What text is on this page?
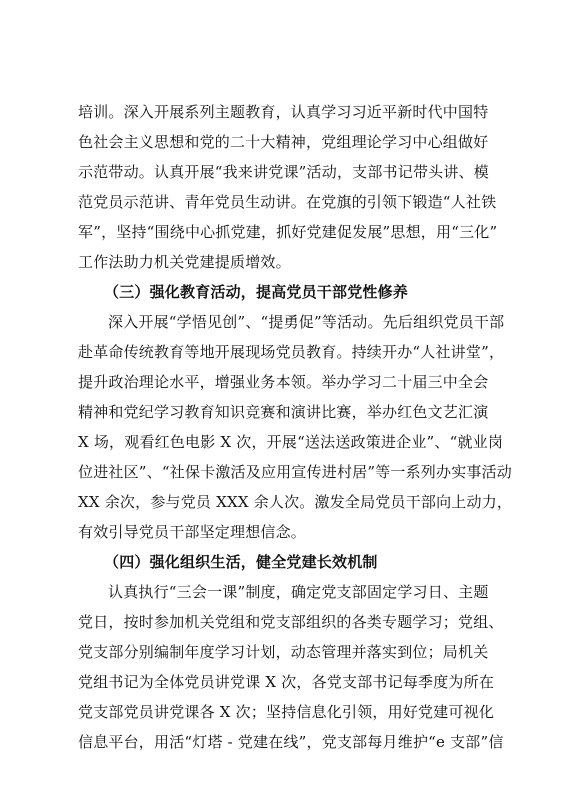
培训。深入开展系列主题教育，认真学习习近平新时代中国特
色社会主义思想和党的二十大精神，党组理论学习中心组做好
示范带动。认真开展“我来讲党课”活动，支部书记带头讲、模
范党员示范讲、青年党员生动讲。在党旗的引领下锻造“人社铁
军”，坚持“围绕中心抓党建，抓好党建促发展”思想，用“三化”
工作法助力机关党建提质增效。
（三）强化教育活动，提高党员干部党性修养
深入开展“学悟见创”、“提勇促”等活动。先后组织党员干部
赴革命传统教育等地开展现场党员教育。持续开办“人社讲堂”，
提升政治理论水平，增强业务本领。举办学习二十届三中全会
精神和党纪学习教育知识竞赛和演讲比赛，举办红色文艺汇演
X 场，观看红色电影 X 次，开展“送法送政策进企业”、“就业岗
位进社区”、“社保卡激活及应用宣传进村居”等一系列办实事活动
XX 余次，参与党员 XXX 余人次。激发全局党员干部向上动力，
有效引导党员干部坚定理想信念。
（四）强化组织生活，健全党建长效机制
认真执行“三会一课”制度，确定党支部固定学习日、主题
党日，按时参加机关党组和党支部组织的各类专题学习；党组、
党支部分别编制年度学习计划，动态管理并落实到位；局机关
党组书记为全体党员讲党课 X 次，各党支部书记每季度为所在
党支部党员讲党课各 X 次；坚持信息化引领，用好党建可视化
信息平台，用活“灯塔 - 党建在线”，党支部每月维护“e 支部”信
